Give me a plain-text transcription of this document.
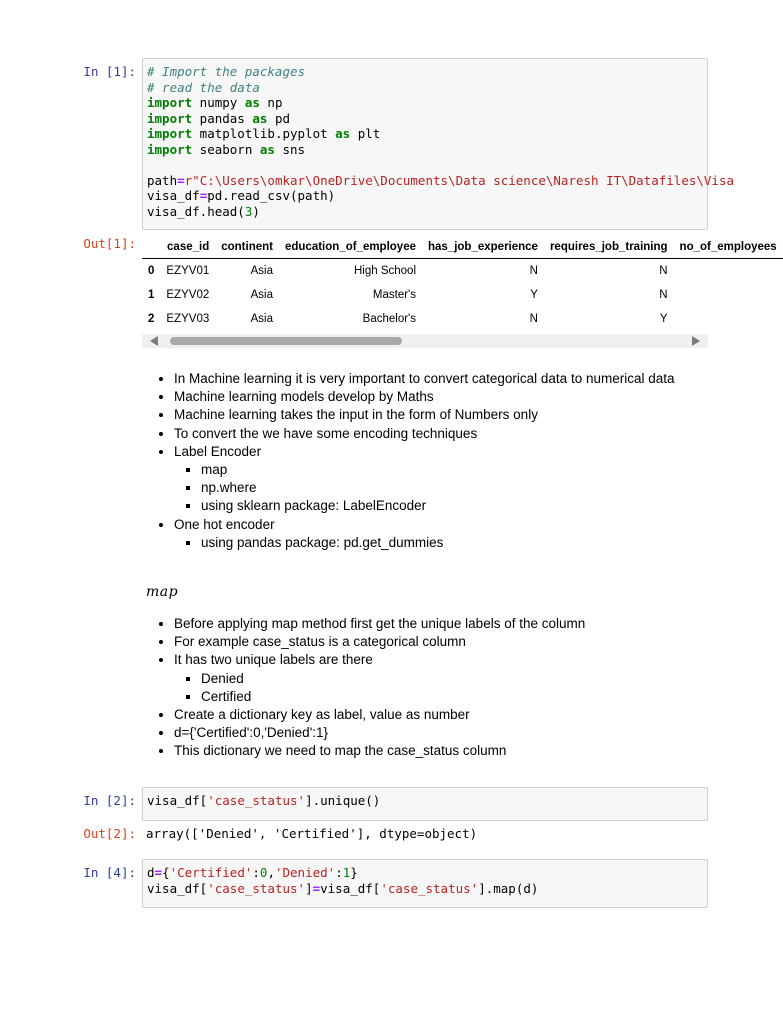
In [1]: # Import the packages
# read the data
import numpy as np
import pandas as pd
import matplotlib.pyplot as plt
import seaborn as sns

path=r"C:\Users\omkar\OneDrive\Documents\Data science\Naresh IT\Datafiles\Visa
visa_df=pd.read_csv(path)
visa_df.head(3)
Out[1]:
		case_id	continent	education_of_employee	has_job_experience	requires_job_training	no_of_employees
0	EZYV01	Asia	High School	N	N	
1	EZYV02	Asia	Master's	Y	N	
2	EZYV03	Asia	Bachelor's	N	Y	
• In Machine learning it is very important to convert categorical data to numerical data
• Machine learning models develop by Maths
• Machine learning takes the input in the form of Numbers only
• To convert the we have some encoding techniques
• Label Encoder
▪ map
▪ np.where
▪ using sklearn package: LabelEncoder
• One hot encoder
▪ using pandas package: pd.get_dummies
map
• Before applying map method first get the unique labels of the column
• For example case_status is a categorical column
• It has two unique labels are there
▪ Denied
▪ Certified
• Create a dictionary key as label, value as number
• d={'Certified':0,'Denied':1}
• This dictionary we need to map the case_status column
In [2]: visa_df['case_status'].unique()
Out[2]: array(['Denied', 'Certified'], dtype=object)
In [4]: d={'Certified':0,'Denied':1}
visa_df['case_status']=visa_df['case_status'].map(d)
